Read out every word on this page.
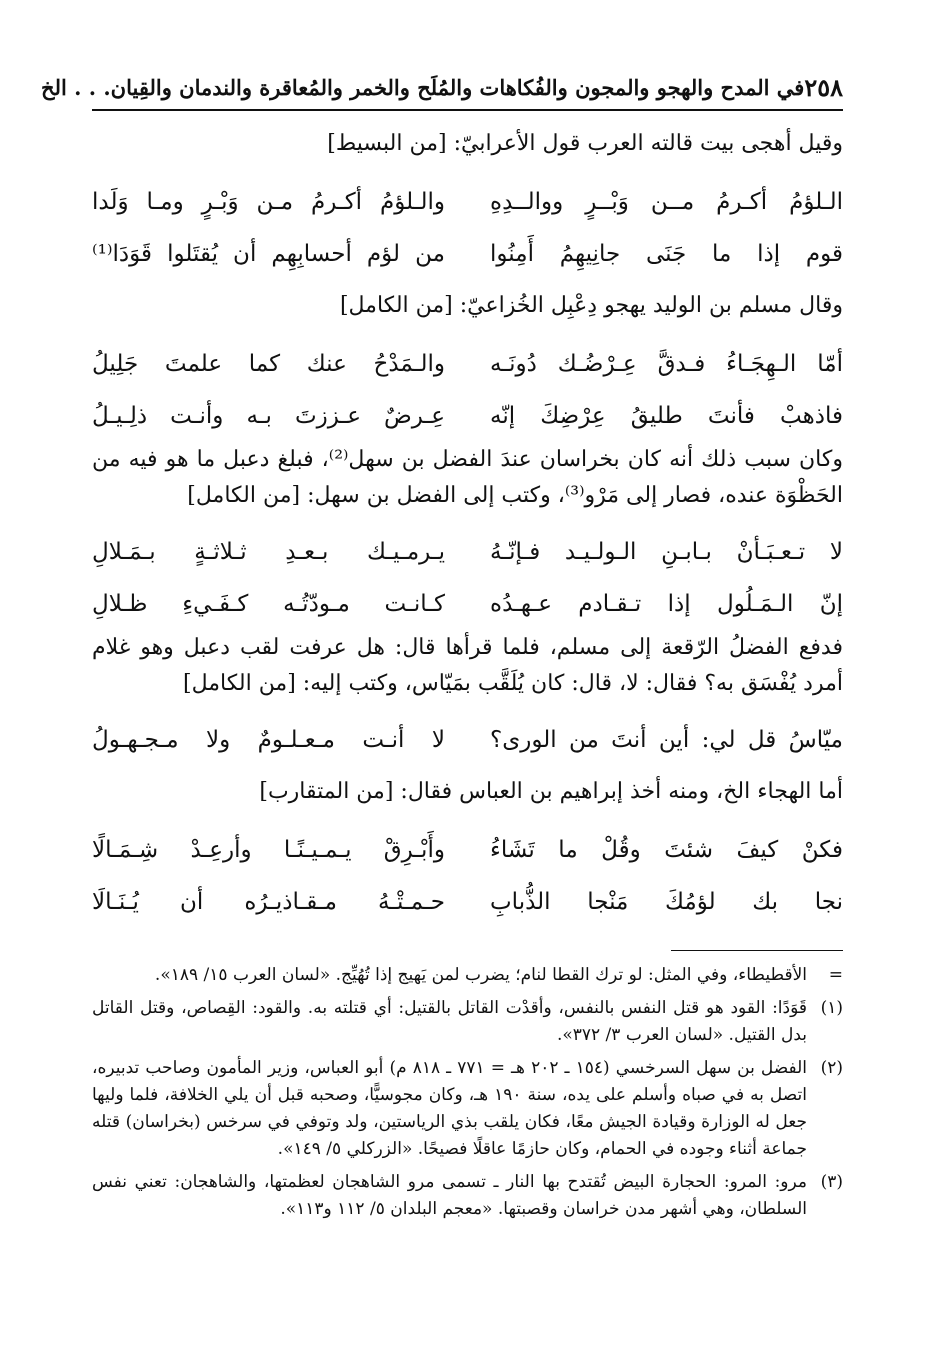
٢٥٨
في المدح والهجو والمجون والفُكاهات والمُلَح والخمر والمُعاقرة والندمان والقِيان. . . الخ
وقيل أهجى بيت قالته العرب قول الأعرابيّ: [من البسيط]
الـلؤمُ أكـرمُ مــن وَبْــرٍ ووالــدِهِ
والـلؤمُ أكـرمُ مـن وَبْـرٍ ومـا وَلَدا
قوم إذا ما جَنَى جانِيهِمُ أَمِنُوا
من لؤم أحسابِهِم أن يُقتَلوا قَوَدَا⁽¹⁾
وقال مسلم بن الوليد يهجو دِعْبِل الخُزاعيّ: [من الكامل]
أمّا الـهِجَـاءُ فـدقَّ عِـرْضُـك دُونَـه
والـمَدْحُ عنك كما علمتَ جَلِيلُ
فاذهبْ فأنتَ طليقُ عِرْضِكَ إنّه
عِـرضٌ عـززتَ بـه وأنـت ذلِـيـلُ
وكان سبب ذلك أنه كان بخراسان عندَ الفضل بن سهل⁽²⁾، فبلغ دعبل ما هو فيه من الحَظْوَة عنده، فصار إلى مَرْو⁽³⁾، وكتب إلى الفضل بن سهل: [من الكامل]
لا تـعـبَـأنْ بـابـنِ الـولـيـد فـإنّـهُ
يـرمـيـك بـعـدِ ثـلاثـةٍ بـمَـلالِ
إنّ الـمَـلُول إذا تـقـادم عـهـدُه
كـانـت مـودّتُـه كـفَـيءِ ظـلالِ
فدفع الفضلُ الرّقعة إلى مسلم، فلما قرأها قال: هل عرفت لقب دعبل وهو غلام أمرد يُفْسَق به؟ فقال: لا، قال: كان يُلَقَّب بمَيّاس، وكتب إليه: [من الكامل]
ميّاسُ قل لي: أين أنتَ من الورى؟
لا أنـت مـعـلـومٌ ولا مـجـهـولُ
أما الهجاء الخ، ومنه أخذ إبراهيم بن العباس فقال: [من المتقارب]
فكنْ كيفَ شئتَ وقُلْ ما تَشَاءُ
وأَبْـرِقْ يـمـيـنًـا وأرعِـدْ شِـمَـالًا
نجا بك لؤمُكَ مَنْجا الذُّبابِ
حـمـتْـهُ مـقـاذيـرُه أن يُـنَـالَا
=
الأقطيطاء، وفي المثل: لو ترك القطا لنام؛ يضرب لمن يَهيج إذا تُهُيِّج. «لسان العرب ١٥/ ١٨٩».
(١)
قَوَدًا: القود هو قتل النفس بالنفس، وأقدْت القاتل بالقتيل: أي قتلته به. والقود: القِصاص، وقتل القاتل بدل القتيل. «لسان العرب ٣/ ٣٧٢».
(٢)
الفضل بن سهل السرخسي (١٥٤ ـ ٢٠٢ هـ = ٧٧١ ـ ٨١٨ م) أبو العباس، وزير المأمون وصاحب تدبيره، اتصل به في صباه وأسلم على يده، سنة ١٩٠ هـ، وكان مجوسيًّا، وصحبه قبل أن يلي الخلافة، فلما وليها جعل له الوزارة وقيادة الجيش معًا، فكان يلقب بذي الرياستين، ولد وتوفي في سرخس (بخراسان) قتله جماعة أثناء وجوده في الحمام، وكان حازمًا عاقلًا فصيحًا. «الزركلي ٥/ ١٤٩».
(٣)
مرو: المرو: الحجارة البيض تُقتدح بها النار ـ تسمى مرو الشاهجان لعظمتها، والشاهجان: تعني نفس السلطان، وهي أشهر مدن خراسان وقصبتها. «معجم البلدان ٥/ ١١٢ و١١٣».
